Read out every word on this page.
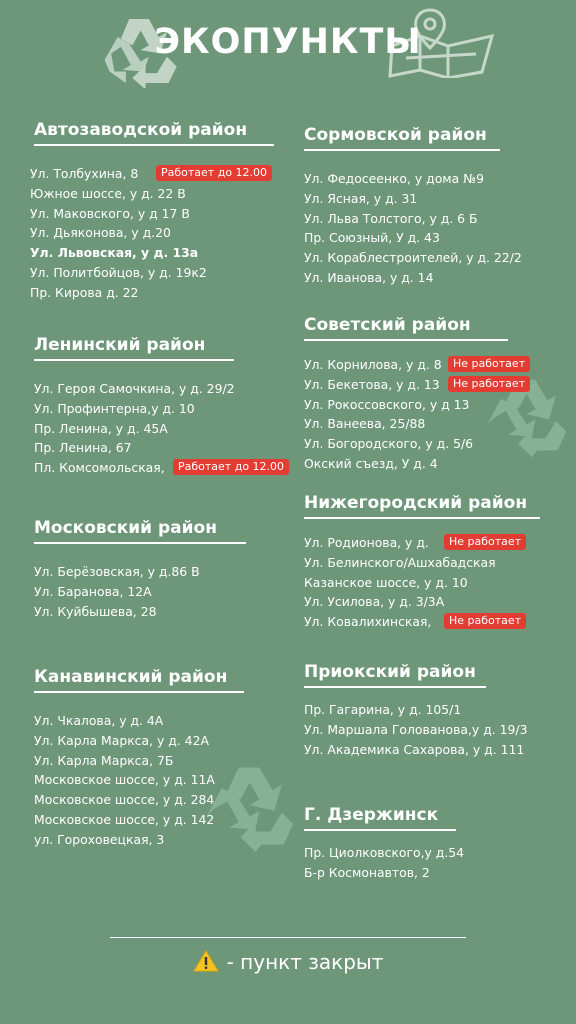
ЭКОПУНКТЫ
Автозаводской район
Ул. Толбухина, 8	Работает до 12.00
Южное шоссе, у д. 22 В
Ул. Маковского, у д 17 В
Ул. Дьяконова, у д.20
Ул. Львовская, у д. 13а
Ул. Политбойцов, у д. 19к2
Пр. Кирова д. 22
Ленинский район
Ул. Героя Самочкина, у д. 29/2
Ул. Профинтерна,у д. 10
Пр. Ленина, у д. 45А
Пр. Ленина, 67
Пл. Комсомольская,	Работает до 12.00
Московский район
Ул. Берёзовская, у д.86 В
Ул. Баранова, 12А
Ул. Куйбышева, 28
Канавинский район
Ул. Чкалова, у д. 4А
Ул. Карла Маркса, у д. 42А
Ул. Карла Маркса, 7Б
Московское шоссе, у д. 11А
Московское шоссе, у д. 284
Московское шоссе, у д. 142
ул. Гороховецкая, 3
Сормовской район
Ул. Федосеенко, у дома №9
Ул. Ясная, у д. 31
Ул. Льва Толстого, у д. 6 Б
Пр. Союзный, У д. 43
Ул. Кораблестроителей, у д. 22/2
Ул. Иванова, у д. 14
Советский район
Ул. Корнилова, у д. 8	Не работает
Ул. Бекетова, у д. 13	Не работает
Ул. Рокоссовского, у д 13
Ул. Ванеева, 25/88
Ул. Богородского, у д. 5/6
Окский съезд, У д. 4
Нижегородский район
Ул. Родионова, у д.	Не работает
Ул. Белинского/Ашхабадская
Казанское шоссе, у д. 10
Ул. Усилова, у д. 3/3А
Ул. Ковалихинская,	Не работает
Приокский район
Пр. Гагарина, у д. 105/1
Ул. Маршала Голованова,у д. 19/3
Ул. Академика Сахарова, у д. 111
Г. Дзержинск
Пр. Циолковского,у д.54
Б-р Космонавтов, 2
- пункт закрыт
